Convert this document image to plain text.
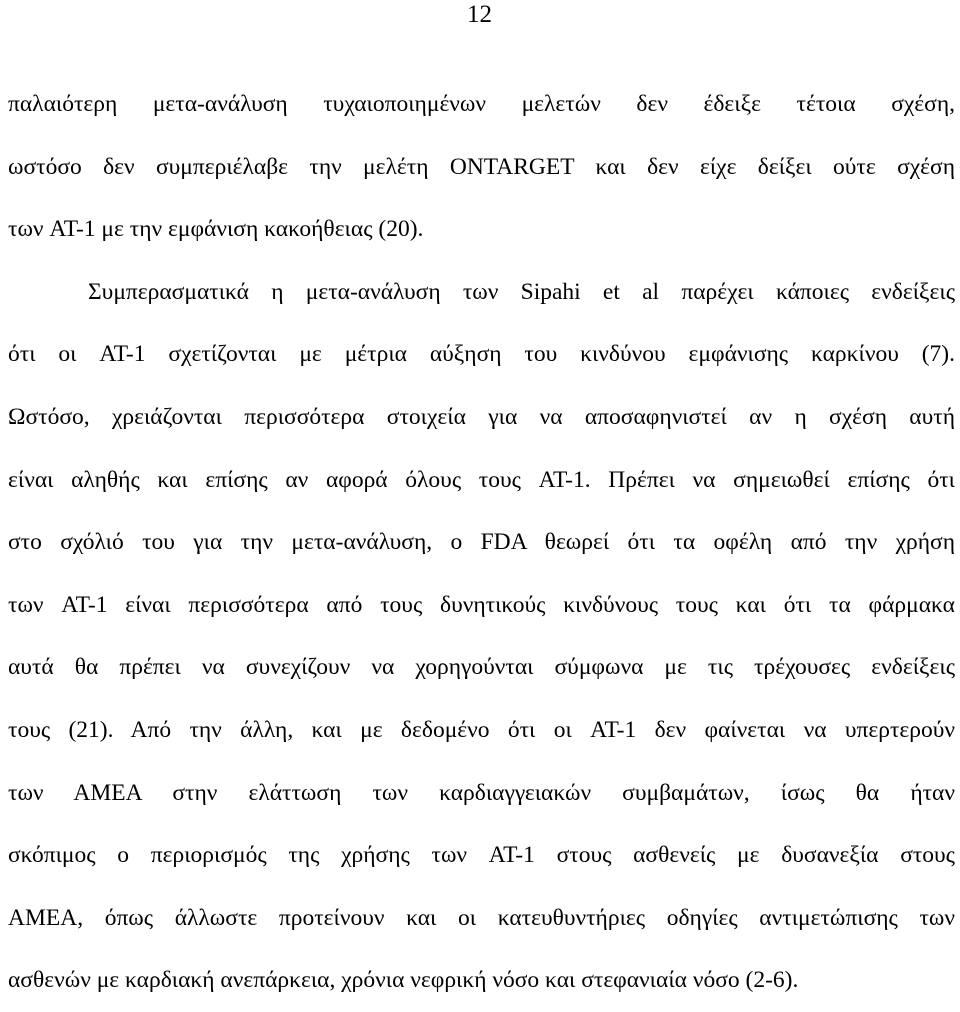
12
παλαιότερη μετα-ανάλυση τυχαιοποιημένων μελετών δεν έδειξε τέτοια σχέση,
ωστόσο δεν συμπεριέλαβε την μελέτη ONTARGET και δεν είχε δείξει ούτε σχέση
των AT-1 με την εμφάνιση κακοήθειας (20).
Συμπερασματικά η μετα-ανάλυση των Sipahi et al παρέχει κάποιες ενδείξεις
ότι οι AT-1 σχετίζονται με μέτρια αύξηση του κινδύνου εμφάνισης καρκίνου (7).
Ωστόσο, χρειάζονται περισσότερα στοιχεία για να αποσαφηνιστεί αν η σχέση αυτή
είναι αληθής και επίσης αν αφορά όλους τους AT-1. Πρέπει να σημειωθεί επίσης ότι
στο σχόλιό του για την μετα-ανάλυση, ο FDA θεωρεί ότι τα οφέλη από την χρήση
των AT-1 είναι περισσότερα από τους δυνητικούς κινδύνους τους και ότι τα φάρμακα
αυτά θα πρέπει να συνεχίζουν να χορηγούνται σύμφωνα με τις τρέχουσες ενδείξεις
τους (21). Από την άλλη, και με δεδομένο ότι οι AT-1 δεν φαίνεται να υπερτερούν
των ΑΜΕΑ στην ελάττωση των καρδιαγγειακών συμβαμάτων, ίσως θα ήταν
σκόπιμος ο περιορισμός της χρήσης των AT-1 στους ασθενείς με δυσανεξία στους
ΑΜΕΑ, όπως άλλωστε προτείνουν και οι κατευθυντήριες οδηγίες αντιμετώπισης των
ασθενών με καρδιακή ανεπάρκεια, χρόνια νεφρική νόσο και στεφανιαία νόσο (2-6).
